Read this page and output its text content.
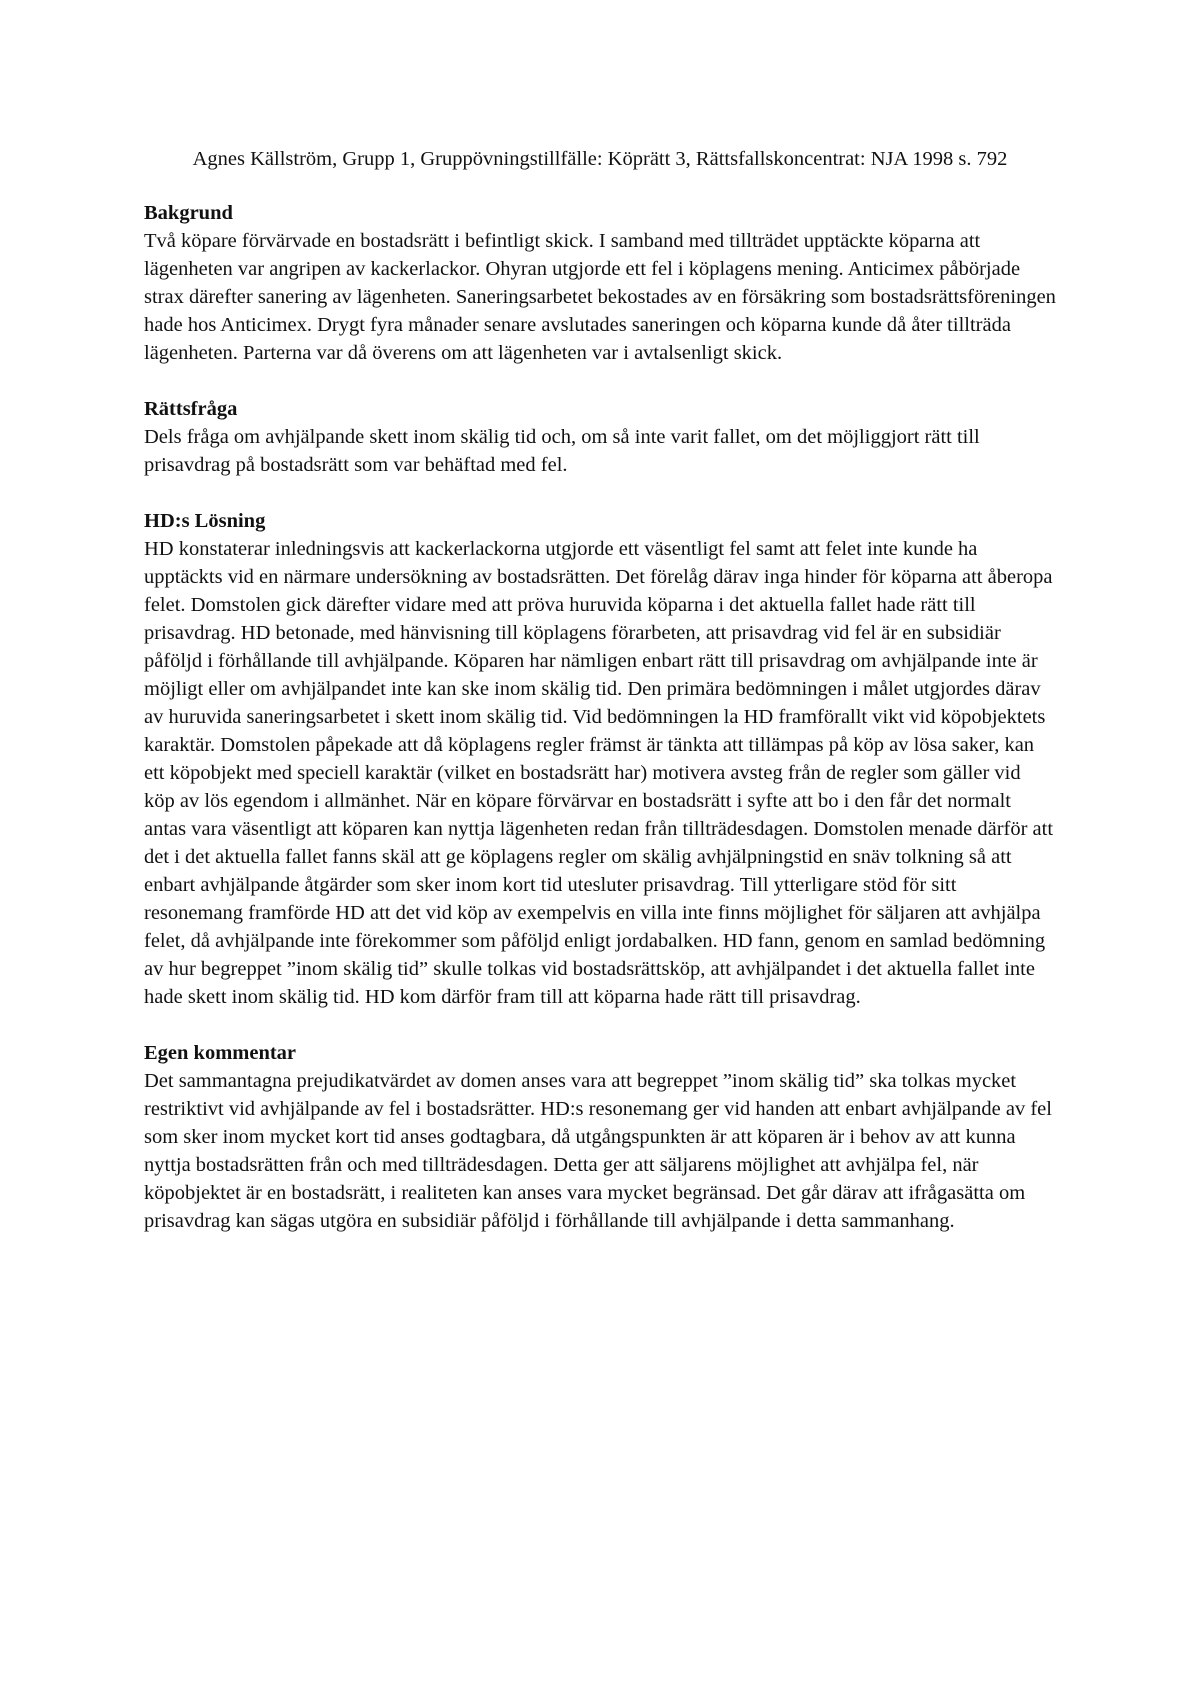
Agnes Källström, Grupp 1, Gruppövningstillfälle: Köprätt 3, Rättsfallskoncentrat: NJA 1998 s. 792

Bakgrund

Två köpare förvärvade en bostadsrätt i befintligt skick. I samband med tillträdet upptäckte köparna att lägenheten var angripen av kackerlackor. Ohyran utgjorde ett fel i köplagens mening. Anticimex påbörjade strax därefter sanering av lägenheten. Saneringsarbetet bekostades av en försäkring som bostadsrättsföreningen hade hos Anticimex. Drygt fyra månader senare avslutades saneringen och köparna kunde då åter tillträda lägenheten. Parterna var då överens om att lägenheten var i avtalsenligt skick.

Rättsfråga

Dels fråga om avhjälpande skett inom skälig tid och, om så inte varit fallet, om det möjliggjort rätt till prisavdrag på bostadsrätt som var behäftad med fel.

HD:s Lösning

HD konstaterar inledningsvis att kackerlackorna utgjorde ett väsentligt fel samt att felet inte kunde ha upptäckts vid en närmare undersökning av bostadsrätten. Det förelåg därav inga hinder för köparna att åberopa felet. Domstolen gick därefter vidare med att pröva huruvida köparna i det aktuella fallet hade rätt till prisavdrag. HD betonade, med hänvisning till köplagens förarbeten, att prisavdrag vid fel är en subsidiär påföljd i förhållande till avhjälpande. Köparen har nämligen enbart rätt till prisavdrag om avhjälpande inte är möjligt eller om avhjälpandet inte kan ske inom skälig tid. Den primära bedömningen i målet utgjordes därav av huruvida saneringsarbetet i skett inom skälig tid. Vid bedömningen la HD framförallt vikt vid köpobjektets karaktär. Domstolen påpekade att då köplagens regler främst är tänkta att tillämpas på köp av lösa saker, kan ett köpobjekt med speciell karaktär (vilket en bostadsrätt har) motivera avsteg från de regler som gäller vid köp av lös egendom i allmänhet. När en köpare förvärvar en bostadsrätt i syfte att bo i den får det normalt antas vara väsentligt att köparen kan nyttja lägenheten redan från tillträdesdagen. Domstolen menade därför att det i det aktuella fallet fanns skäl att ge köplagens regler om skälig avhjälpningstid en snäv tolkning så att enbart avhjälpande åtgärder som sker inom kort tid utesluter prisavdrag. Till ytterligare stöd för sitt resonemang framförde HD att det vid köp av exempelvis en villa inte finns möjlighet för säljaren att avhjälpa felet, då avhjälpande inte förekommer som påföljd enligt jordabalken. HD fann, genom en samlad bedömning av hur begreppet ”inom skälig tid” skulle tolkas vid bostadsrättsköp, att avhjälpandet i det aktuella fallet inte hade skett inom skälig tid. HD kom därför fram till att köparna hade rätt till prisavdrag.

Egen kommentar

Det sammantagna prejudikatvärdet av domen anses vara att begreppet ”inom skälig tid” ska tolkas mycket restriktivt vid avhjälpande av fel i bostadsrätter. HD:s resonemang ger vid handen att enbart avhjälpande av fel som sker inom mycket kort tid anses godtagbara, då utgångspunkten är att köparen är i behov av att kunna nyttja bostadsrätten från och med tillträdesdagen. Detta ger att säljarens möjlighet att avhjälpa fel, när köpobjektet är en bostadsrätt, i realiteten kan anses vara mycket begränsad. Det går därav att ifrågasätta om prisavdrag kan sägas utgöra en subsidiär påföljd i förhållande till avhjälpande i detta sammanhang.
